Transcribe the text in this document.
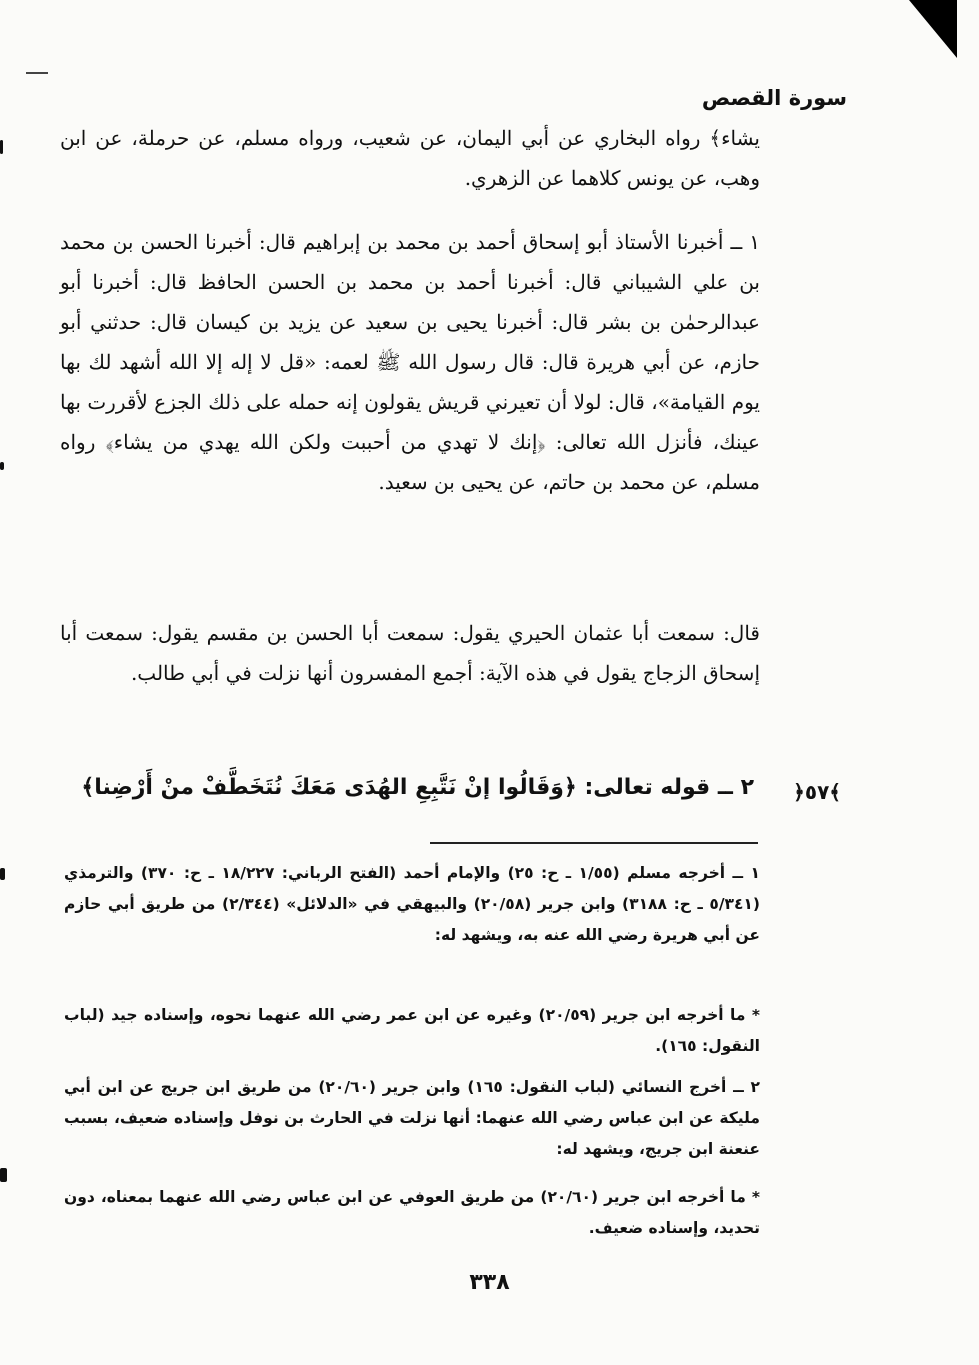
سورة القصص
يشاء﴾ رواه البخاري عن أبي اليمان، عن شعيب، ورواه مسلم، عن حرملة، عن ابن وهب، عن يونس كلاهما عن الزهري.
١ ــ أخبرنا الأستاذ أبو إسحاق أحمد بن محمد بن إبراهيم قال: أخبرنا الحسن بن محمد بن علي الشيباني قال: أخبرنا أحمد بن محمد بن الحسن الحافظ قال: أخبرنا أبو عبدالرحمٰن بن بشر قال: أخبرنا يحيى بن سعيد عن يزيد بن كيسان قال: حدثني أبو حازم، عن أبي هريرة قال: قال رسول الله ﷺ لعمه: «قل لا إله إلا الله أشهد لك بها يوم القيامة»، قال: لولا أن تعيرني قريش يقولون إنه حمله على ذلك الجزع لأقررت بها عينك، فأنزل الله تعالى: ﴿إنك لا تهدي من أحببت ولكن الله يهدي من يشاء﴾ رواه مسلم، عن محمد بن حاتم، عن يحيى بن سعيد.
قال: سمعت أبا عثمان الحيري يقول: سمعت أبا الحسن بن مقسم يقول: سمعت أبا إسحاق الزجاج يقول في هذه الآية: أجمع المفسرون أنها نزلت في أبي طالب.
٢ ــ قوله تعالى: ﴿وَقَالُوا إنْ نَتَّبِعِ الهُدَى مَعَكَ نُتَخَطَّفْ منْ أَرْضِنا﴾ ﴿٥٧﴾
١ ــ أخرجه مسلم (١/٥٥ ـ ح: ٢٥) والإمام أحمد (الفتح الرباني: ١٨/٢٢٧ ـ ح: ٣٧٠) والترمذي (٥/٣٤١ ـ ح: ٣١٨٨) وابن جرير (٢٠/٥٨) والبيهقي في «الدلائل» (٢/٣٤٤) من طريق أبي حازم عن أبي هريرة رضي الله عنه به، ويشهد له:
* ما أخرجه ابن جرير (٢٠/٥٩) وغيره عن ابن عمر رضي الله عنهما نحوه، وإسناده جيد (لباب النقول: ١٦٥).
٢ ــ أخرج النسائي (لباب النقول: ١٦٥) وابن جرير (٢٠/٦٠) من طريق ابن جريج عن ابن أبي مليكة عن ابن عباس رضي الله عنهما: أنها نزلت في الحارث بن نوفل وإسناده ضعيف، بسبب عنعنة ابن جريج، ويشهد له:
* ما أخرجه ابن جرير (٢٠/٦٠) من طريق العوفي عن ابن عباس رضي الله عنهما بمعناه، دون تحديد، وإسناده ضعيف.
٣٣٨
